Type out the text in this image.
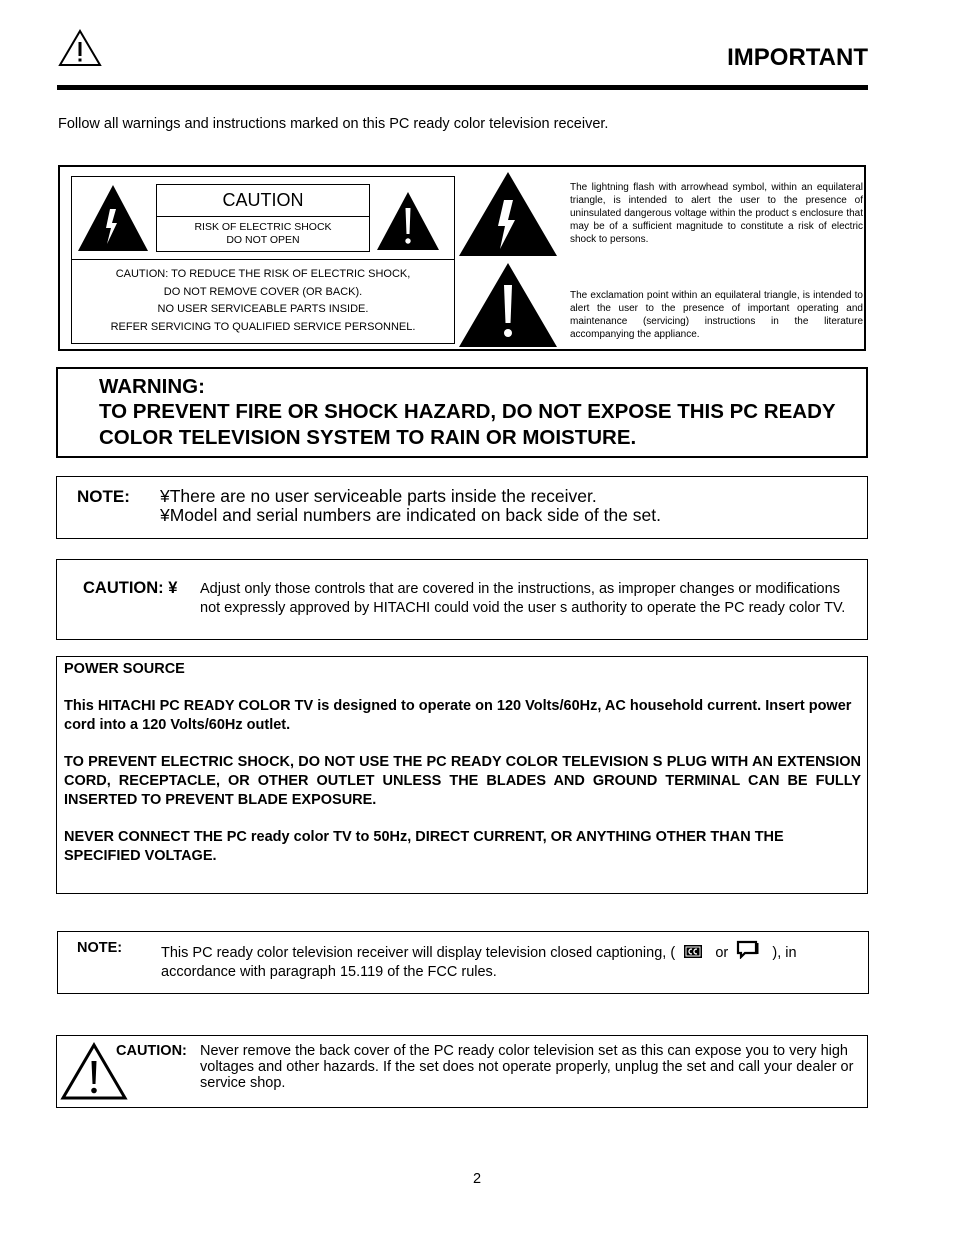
IMPORTANT
Follow all warnings and instructions marked on this PC ready color television receiver.
CAUTION
RISK OF ELECTRIC SHOCK
DO NOT OPEN
CAUTION: TO REDUCE THE RISK OF ELECTRIC SHOCK,
DO NOT REMOVE COVER (OR BACK).
NO USER SERVICEABLE PARTS INSIDE.
REFER SERVICING TO QUALIFIED SERVICE PERSONNEL.
The lightning flash with arrowhead symbol, within an equilateral triangle, is intended to alert the user to the presence of uninsulated dangerous voltage within the product s enclosure that may be of a sufficient magnitude to constitute a risk of electric shock to persons.
The exclamation point within an equilateral triangle, is intended to alert the user to the presence of important operating and maintenance (servicing) instructions in the literature accompanying the appliance.
WARNING:
TO PREVENT FIRE OR SHOCK HAZARD, DO NOT EXPOSE THIS PC READY COLOR TELEVISION SYSTEM TO RAIN OR MOISTURE.
NOTE: ¥There are no user serviceable parts inside the receiver.
¥Model and serial numbers are indicated on back side of the set.
CAUTION: ¥ Adjust only those controls that are covered in the instructions, as improper changes or modifications not expressly approved by HITACHI could void the user s authority to operate the PC ready color TV.

POWER SOURCE

This HITACHI PC READY COLOR TV is designed to operate on 120 Volts/60Hz, AC household current. Insert power cord into a 120 Volts/60Hz outlet.

TO PREVENT ELECTRIC SHOCK, DO NOT USE THE PC READY COLOR TELEVISION S PLUG WITH AN EXTENSION CORD, RECEPTACLE, OR OTHER OUTLET UNLESS THE BLADES AND GROUND TERMINAL CAN BE FULLY INSERTED TO PREVENT BLADE EXPOSURE.

NEVER CONNECT THE PC ready color TV to 50Hz, DIRECT CURRENT, OR ANYTHING OTHER THAN THE SPECIFIED VOLTAGE.

NOTE:	This PC ready color television receiver will display television closed captioning, (	or	), in accordance with paragraph 15.119 of the FCC rules.
CAUTION: Never remove the back cover of the PC ready color television set as this can expose you to very high voltages and other hazards. If the set does not operate properly, unplug the set and call your dealer or service shop.
2
